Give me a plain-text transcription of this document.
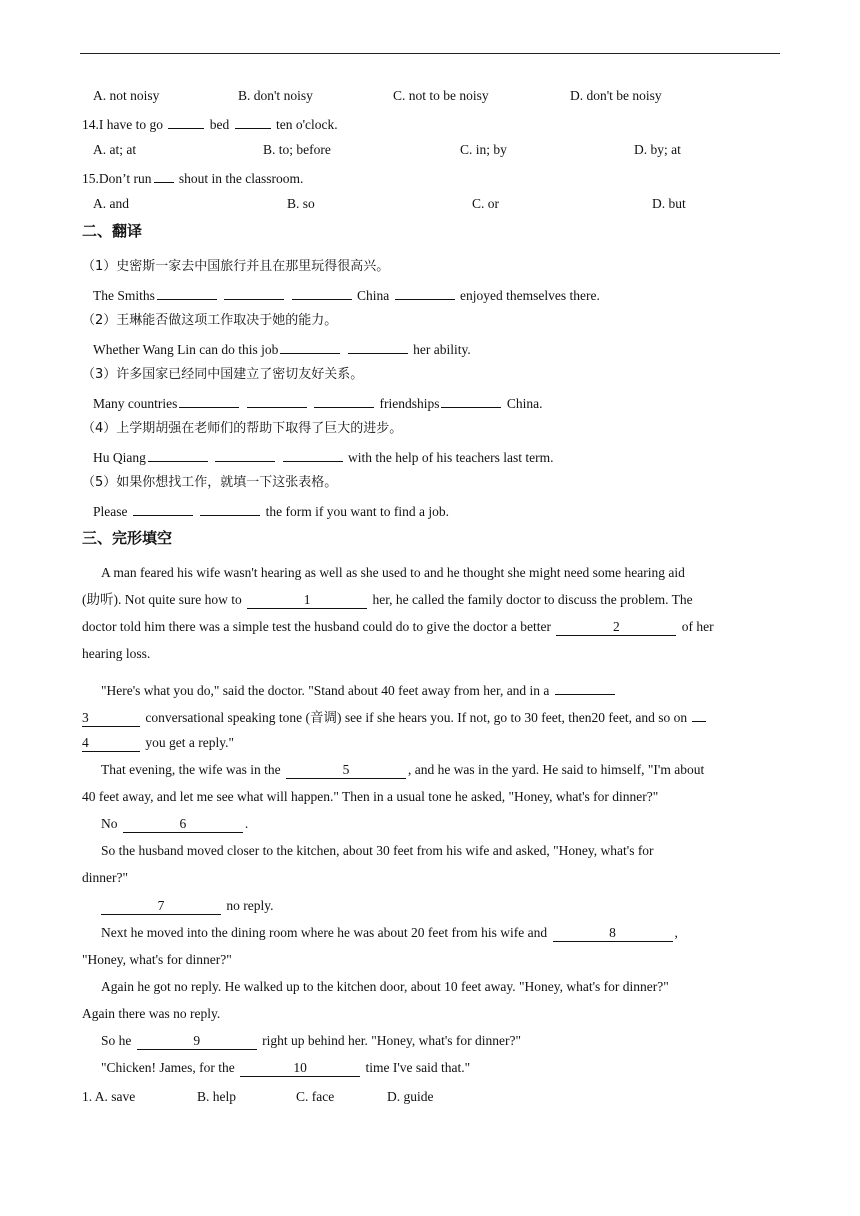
A. not noisy	B. don't noisy	C. not to be noisy	D. don't be noisy
14.I have to go	bed	ten o'clock.
A. at; at	B. to; before	C. in; by	D. by; at
15.Don’t run shout in the classroom.
A. and	B. so	C. or	D. but
二、翻译
（1）史密斯一家去中国旅行并且在那里玩得很高兴。
The Smiths	China	enjoyed themselves there.
（2）王琳能否做这项工作取决于她的能力。
Whether Wang Lin can do this job	her ability.
（3）许多国家已经同中国建立了密切友好关系。
Many countries	friendships	China.
（4）上学期胡强在老师们的帮助下取得了巨大的进步。
Hu Qiang	with the help of his teachers last term.
（5）如果你想找工作，就填一下这张表格。
Please	the form if you want to find a job.
三、完形填空
A man feared his wife wasn't hearing as well as she used to and he thought she might need some hearing aid
(助听). Not quite sure how to	1	her, he called the family doctor to discuss the problem. The
doctor told him there was a simple test the husband could do to give the doctor a better	2	of her
hearing loss.
"Here's what you do," said the doctor. "Stand about 40 feet away from her, and in a
3	conversational speaking tone (音调) see if she hears you. If not, go to 30 feet, then20 feet, and so on
4	you get a reply."
That evening, the wife was in the	5	, and he was in the yard. He said to himself, "I'm about
40 feet away, and let me see what will happen." Then in a usual tone he asked, "Honey, what's for dinner?"
No	6	.
So the husband moved closer to the kitchen, about 30 feet from his wife and asked, "Honey, what's for
dinner?"
7	no reply.
Next he moved into the dining room where he was about 20 feet from his wife and	8	,
"Honey, what's for dinner?"
Again he got no reply. He walked up to the kitchen door, about 10 feet away. "Honey, what's for dinner?"
Again there was no reply.
So he	9	right up behind her. "Honey, what's for dinner?"
"Chicken! James, for the	10	time I've said that."
1. A. save	B. help	C. face	D. guide
